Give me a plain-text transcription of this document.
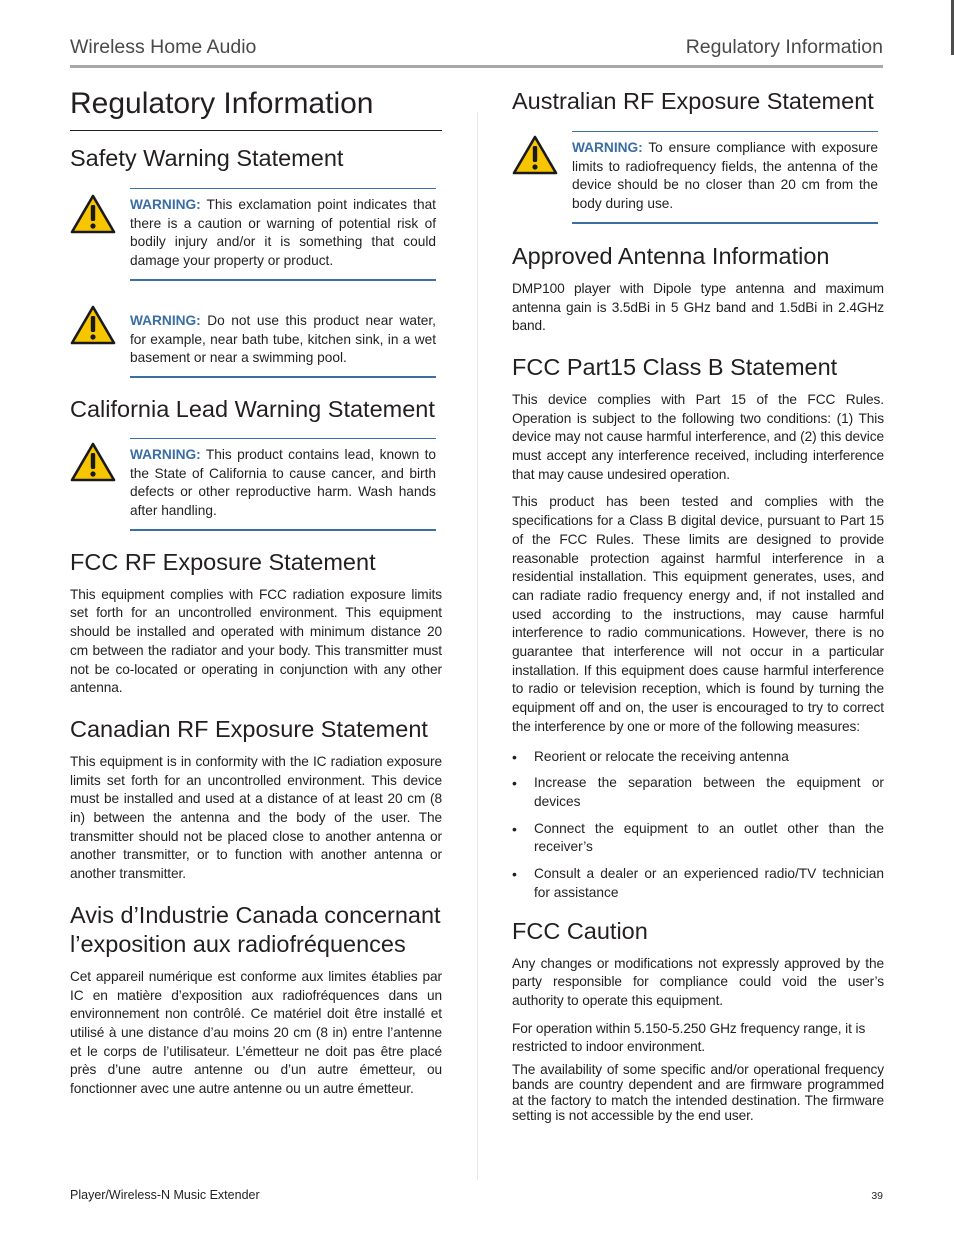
Wireless Home Audio	Regulatory Information
Regulatory Information
Safety Warning Statement

WARNING: This exclamation point indicates that there is a caution or warning of potential risk of bodily injury and/or it is something that could damage your property or product.

WARNING: Do not use this product near water, for example, near bath tube, kitchen sink, in a wet basement or near a swimming pool.

California Lead Warning Statement

WARNING: This product contains lead, known to the State of California to cause cancer, and birth defects or other reproductive harm. Wash hands after handling.

FCC RF Exposure Statement

This equipment complies with FCC radiation exposure limits set forth for an uncontrolled environment. This equipment should be installed and operated with minimum distance 20 cm between the radiator and your body. This transmitter must not be co-located or operating in conjunction with any other antenna.

Canadian RF Exposure Statement

This equipment is in conformity with the IC radiation exposure limits set forth for an uncontrolled environment. This device must be installed and used at a distance of at least 20 cm (8 in) between the antenna and the body of the user. The transmitter should not be placed close to another antenna or another transmitter, or to function with another antenna or another transmitter.

Avis d’Industrie Canada concernant l’exposition aux radiofréquences

Cet appareil numérique est conforme aux limites établies par IC en matière d’exposition aux radiofréquences dans un environnement non contrôlé. Ce matériel doit être installé et utilisé à une distance d’au moins 20 cm (8 in) entre l’antenne et le corps de l’utilisateur. L’émetteur ne doit pas être placé près d’une autre antenne ou d’un autre émetteur, ou fonctionner avec une autre antenne ou un autre émetteur.

Australian RF Exposure Statement

WARNING: To ensure compliance with exposure limits to radiofrequency fields, the antenna of the device should be no closer than 20 cm from the body during use.

Approved Antenna Information

DMP100 player with Dipole type antenna and maximum antenna gain is 3.5dBi in 5 GHz band and 1.5dBi in 2.4GHz band.

FCC Part15 Class B Statement

This device complies with Part 15 of the FCC Rules. Operation is subject to the following two conditions: (1) This device may not cause harmful interference, and (2) this device must accept any interference received, including interference that may cause undesired operation.

This product has been tested and complies with the specifications for a Class B digital device, pursuant to Part 15 of the FCC Rules. These limits are designed to provide reasonable protection against harmful interference in a residential installation. This equipment generates, uses, and can radiate radio frequency energy and, if not installed and used according to the instructions, may cause harmful interference to radio communications. However, there is no guarantee that interference will not occur in a particular installation. If this equipment does cause harmful interference to radio or television reception, which is found by turning the equipment off and on, the user is encouraged to try to correct the interference by one or more of the following measures:

• Reorient or relocate the receiving antenna
• Increase the separation between the equipment or devices
• Connect the equipment to an outlet other than the receiver’s
• Consult a dealer or an experienced radio/TV technician for assistance
FCC Caution

Any changes or modifications not expressly approved by the party responsible for compliance could void the user’s authority to operate this equipment.

For operation within 5.150-5.250 GHz frequency range, it is restricted to indoor environment.

The availability of some specific and/or operational frequency bands are country dependent and are firmware programmed at the factory to match the intended destination. The firmware setting is not accessible by the end user.

Player/Wireless-N Music Extender	39
